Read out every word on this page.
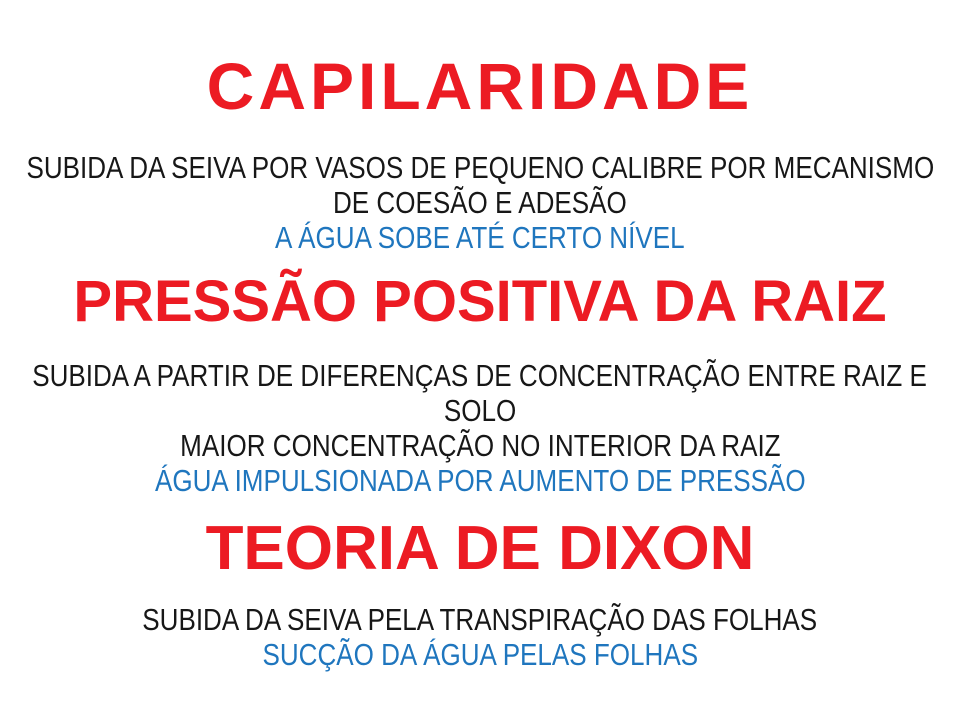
CAPILARIDADE
SUBIDA DA SEIVA POR VASOS DE PEQUENO CALIBRE POR MECANISMO
DE COESÃO E ADESÃO
A ÁGUA SOBE ATÉ CERTO NÍVEL
PRESSÃO POSITIVA DA RAIZ
SUBIDA A PARTIR DE DIFERENÇAS DE CONCENTRAÇÃO ENTRE RAIZ E
SOLO
MAIOR CONCENTRAÇÃO NO INTERIOR DA RAIZ
ÁGUA IMPULSIONADA POR AUMENTO DE PRESSÃO
TEORIA DE DIXON
SUBIDA DA SEIVA PELA TRANSPIRAÇÃO DAS FOLHAS
SUCÇÃO DA ÁGUA PELAS FOLHAS
